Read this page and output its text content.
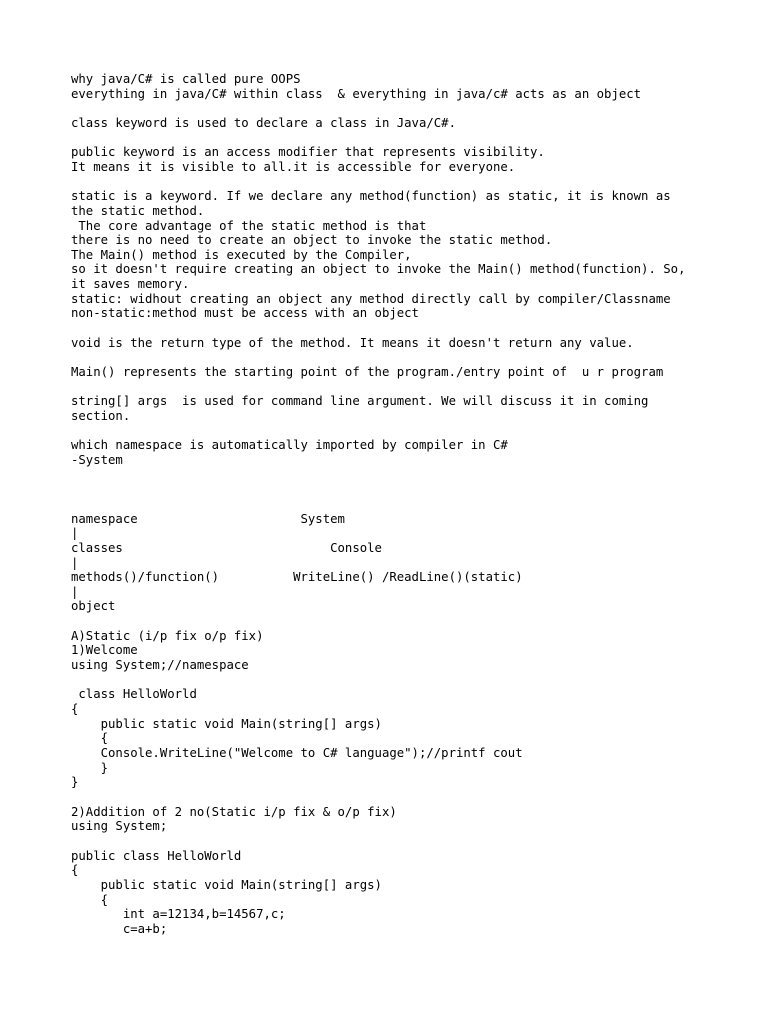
why java/C# is called pure OOPS
everything in java/C# within class  & everything in java/c# acts as an object
class keyword is used to declare a class in Java/C#.
public keyword is an access modifier that represents visibility.
It means it is visible to all.it is accessible for everyone.
static is a keyword. If we declare any method(function) as static, it is known as
the static method.
The core advantage of the static method is that
there is no need to create an object to invoke the static method.
The Main() method is executed by the Compiler,
so it doesn't require creating an object to invoke the Main() method(function). So,
it saves memory.
static: widhout creating an object any method directly call by compiler/Classname
non-static:method must be access with an object
void is the return type of the method. It means it doesn't return any value.
Main() represents the starting point of the program./entry point of  u r program
string[] args  is used for command line argument. We will discuss it in coming
section.
which namespace is automatically imported by compiler in C#
-System
namespace                      System
|
classes                            Console
|
methods()/function()          WriteLine() /ReadLine()(static)
|
object
A)Static (i/p fix o/p fix)
1)Welcome
using System;//namespace
class HelloWorld
{
public static void Main(string[] args)
{
Console.WriteLine("Welcome to C# language");//printf cout
}
}
2)Addition of 2 no(Static i/p fix & o/p fix)
using System;
public class HelloWorld
{
public static void Main(string[] args)
{
int a=12134,b=14567,c;
c=a+b;
